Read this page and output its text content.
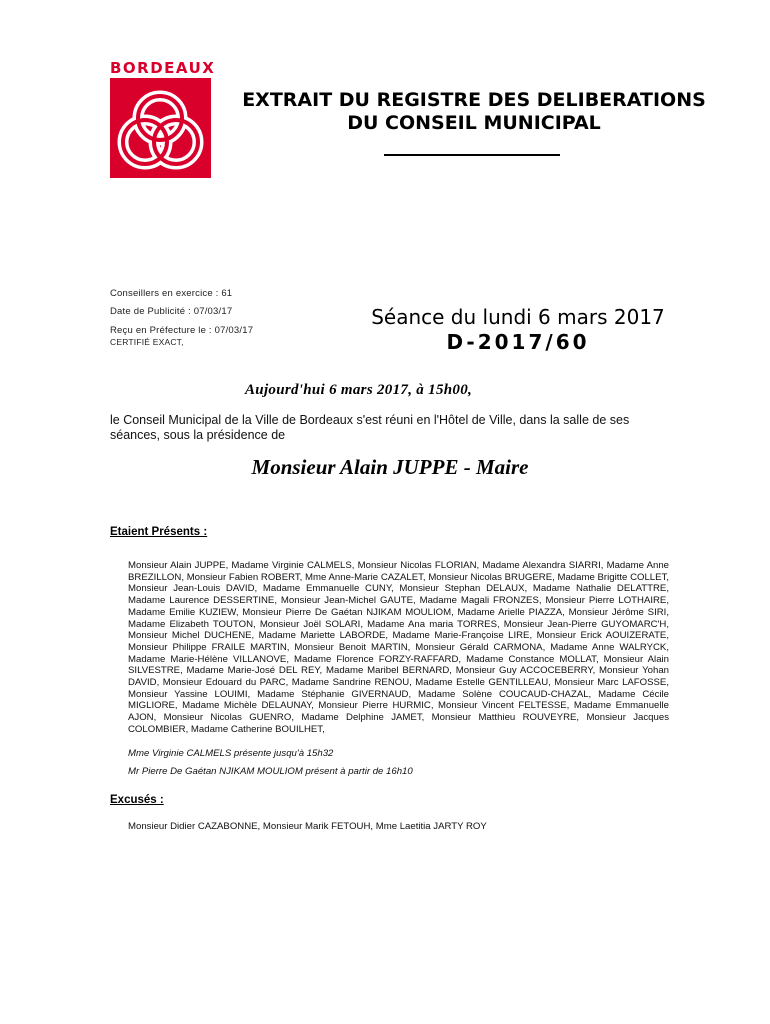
BORDEAUX
EXTRAIT DU REGISTRE DES DELIBERATIONS
DU CONSEIL MUNICIPAL
Conseillers en exercice : 61
Date de Publicité : 07/03/17
Reçu en Préfecture le : 07/03/17
CERTIFIÉ EXACT,
Séance du lundi 6 mars 2017
D-2017/60
Aujourd'hui 6 mars 2017, à 15h00,
le Conseil Municipal de la Ville de Bordeaux s'est réuni en l'Hôtel de Ville, dans la salle de ses séances, sous la présidence de
Monsieur Alain JUPPE - Maire
Etaient Présents :
Monsieur Alain JUPPE, Madame Virginie CALMELS, Monsieur Nicolas FLORIAN, Madame Alexandra SIARRI, Madame Anne BREZILLON, Monsieur Fabien ROBERT, Mme Anne-Marie CAZALET, Monsieur Nicolas BRUGERE, Madame Brigitte COLLET, Monsieur Jean-Louis DAVID, Madame Emmanuelle CUNY, Monsieur Stephan DELAUX, Madame Nathalie DELATTRE, Madame Laurence DESSERTINE, Monsieur Jean-Michel GAUTE, Madame Magali FRONZES, Monsieur Pierre LOTHAIRE, Madame Emilie KUZIEW, Monsieur Pierre De Gaétan NJIKAM MOULIOM, Madame Arielle PIAZZA, Monsieur Jérôme SIRI, Madame Elizabeth TOUTON, Monsieur Joël SOLARI, Madame Ana maria TORRES, Monsieur Jean-Pierre GUYOMARC'H, Monsieur Michel DUCHENE, Madame Mariette LABORDE, Madame Marie-Françoise LIRE, Monsieur Erick AOUIZERATE, Monsieur Philippe FRAILE MARTIN, Monsieur Benoit MARTIN, Monsieur Gérald CARMONA, Madame Anne WALRYCK, Madame Marie-Hélène VILLANOVE, Madame Florence FORZY-RAFFARD, Madame Constance MOLLAT, Monsieur Alain SILVESTRE, Madame Marie-José DEL REY, Madame Maribel BERNARD, Monsieur Guy ACCOCEBERRY, Monsieur Yohan DAVID, Monsieur Edouard du PARC, Madame Sandrine RENOU, Madame Estelle GENTILLEAU, Monsieur Marc LAFOSSE, Monsieur Yassine LOUIMI, Madame Stéphanie GIVERNAUD, Madame Solène COUCAUD-CHAZAL, Madame Cécile MIGLIORE, Madame Michèle DELAUNAY, Monsieur Pierre HURMIC, Monsieur Vincent FELTESSE, Madame Emmanuelle AJON, Monsieur Nicolas GUENRO, Madame Delphine JAMET, Monsieur Matthieu ROUVEYRE, Monsieur Jacques COLOMBIER, Madame Catherine BOUILHET,
Mme Virginie CALMELS présente jusqu'à 15h32
Mr Pierre De Gaétan NJIKAM MOULIOM présent à partir de 16h10
Excusés :
Monsieur Didier CAZABONNE, Monsieur Marik FETOUH, Mme Laetitia JARTY ROY
